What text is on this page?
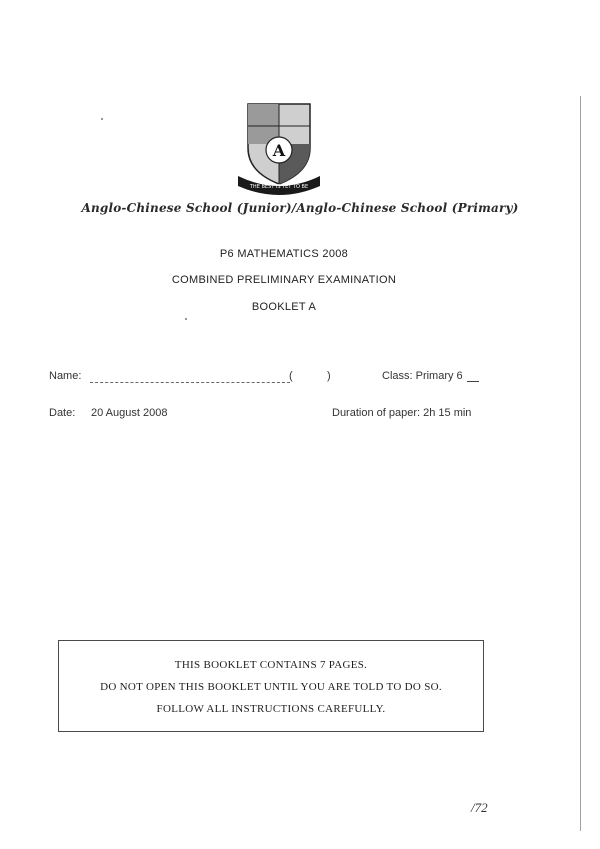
A
THE BEST IS YET TO BE
Anglo-Chinese School (Junior)/Anglo-Chinese School (Primary)
P6 MATHEMATICS 2008
COMBINED PRELIMINARY EXAMINATION
BOOKLET A
Name:	(	)	Class: Primary 6
Date: 20 August 2008	Duration of paper: 2h 15 min
THIS BOOKLET CONTAINS 7 PAGES.
DO NOT OPEN THIS BOOKLET UNTIL YOU ARE TOLD TO DO SO.
FOLLOW ALL INSTRUCTIONS CAREFULLY.
/72
